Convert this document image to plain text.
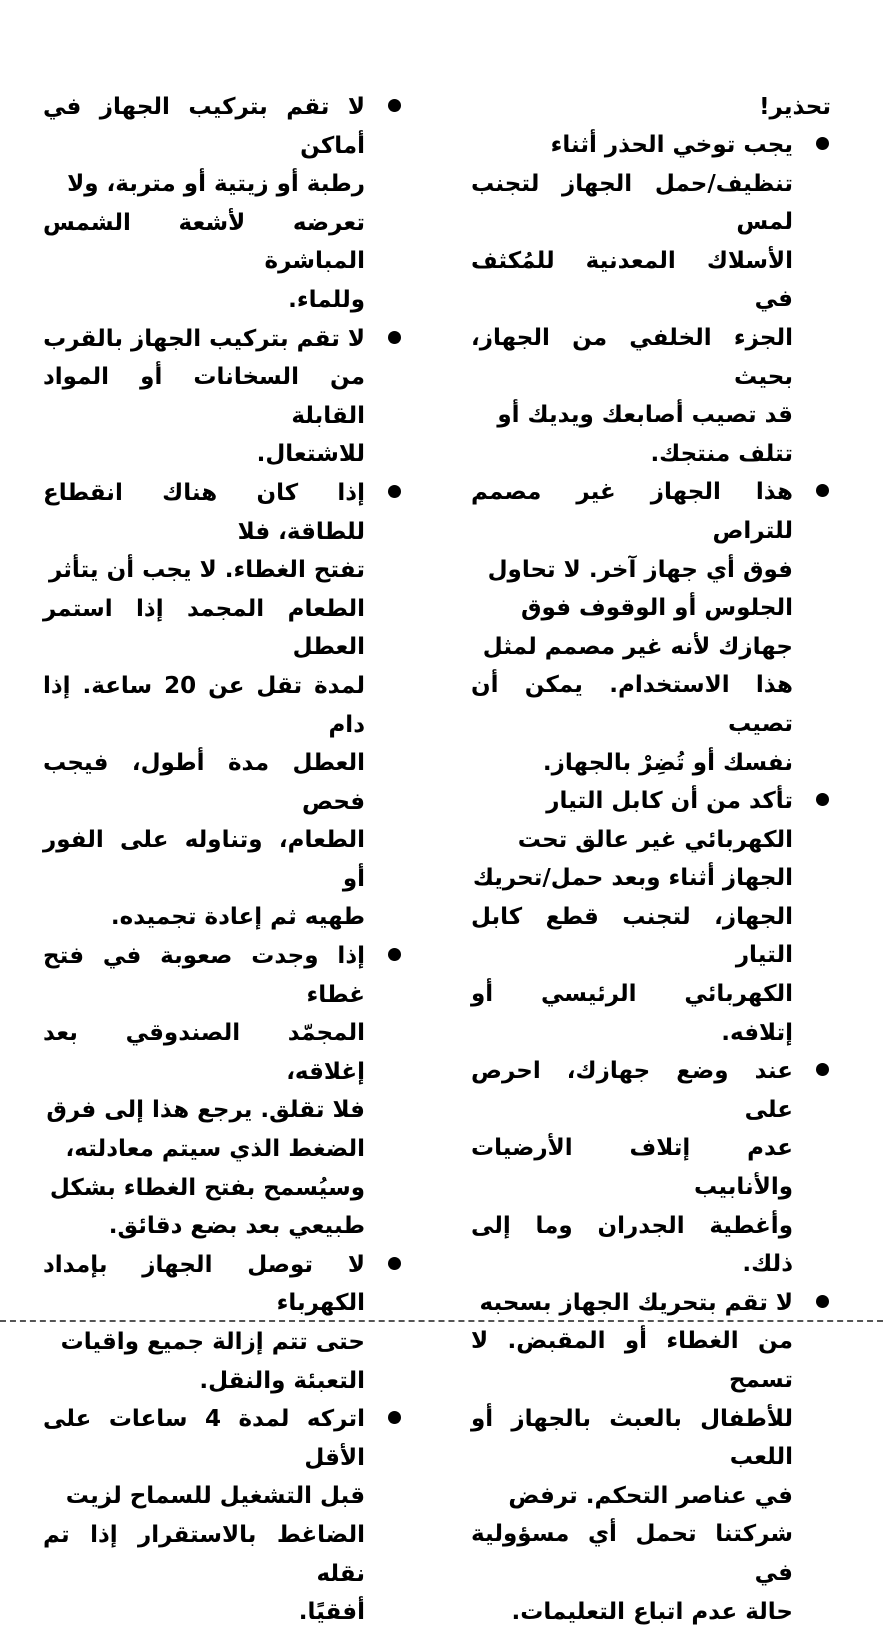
تحذير!
يجب توخي الحذر أثناء
تنظيف/حمل الجهاز لتجنب لمس
الأسلاك المعدنية للمُكثف في
الجزء الخلفي من الجهاز، بحيث
قد تصيب أصابعك ويديك أو
تتلف منتجك.
هذا الجهاز غير مصمم للتراص
فوق أي جهاز آخر. لا تحاول
الجلوس أو الوقوف فوق
جهازك لأنه غير مصمم لمثل
هذا الاستخدام. يمكن أن تصيب
نفسك أو تُضِرْ بالجهاز.
تأكد من أن كابل التيار
الكهربائي غير عالق تحت
الجهاز أثناء وبعد حمل/تحريك
الجهاز، لتجنب قطع كابل التيار
الكهربائي الرئيسي أو إتلافه.
عند وضع جهازك، احرص على
عدم إتلاف الأرضيات والأنابيب
وأغطية الجدران وما إلى ذلك.
لا تقم بتحريك الجهاز بسحبه
من الغطاء أو المقبض. لا تسمح
للأطفال بالعبث بالجهاز أو اللعب
في عناصر التحكم. ترفض
شركتنا تحمل أي مسؤولية في
حالة عدم اتباع التعليمات.
لا تقم بتركيب الجهاز في أماكن
رطبة أو زيتية أو متربة، ولا
تعرضه لأشعة الشمس المباشرة
وللماء.
لا تقم بتركيب الجهاز بالقرب
من السخانات أو المواد القابلة
للاشتعال.
إذا كان هناك انقطاع للطاقة، فلا
تفتح الغطاء. لا يجب أن يتأثر
الطعام المجمد إذا استمر العطل
لمدة تقل عن 20 ساعة. إذا دام
العطل مدة أطول، فيجب فحص
الطعام، وتناوله على الفور أو
طهيه ثم إعادة تجميده.
إذا وجدت صعوبة في فتح غطاء
المجمّد الصندوقي بعد إغلاقه،
فلا تقلق. يرجع هذا إلى فرق
الضغط الذي سيتم معادلته،
وسيُسمح بفتح الغطاء بشكل
طبيعي بعد بضع دقائق.
لا توصل الجهاز بإمداد الكهرباء
حتى تتم إزالة جميع واقيات
التعبئة والنقل.
اتركه لمدة 4 ساعات على الأقل
قبل التشغيل للسماح لزيت
الضاغط بالاستقرار إذا تم نقله
أفقيًا.
